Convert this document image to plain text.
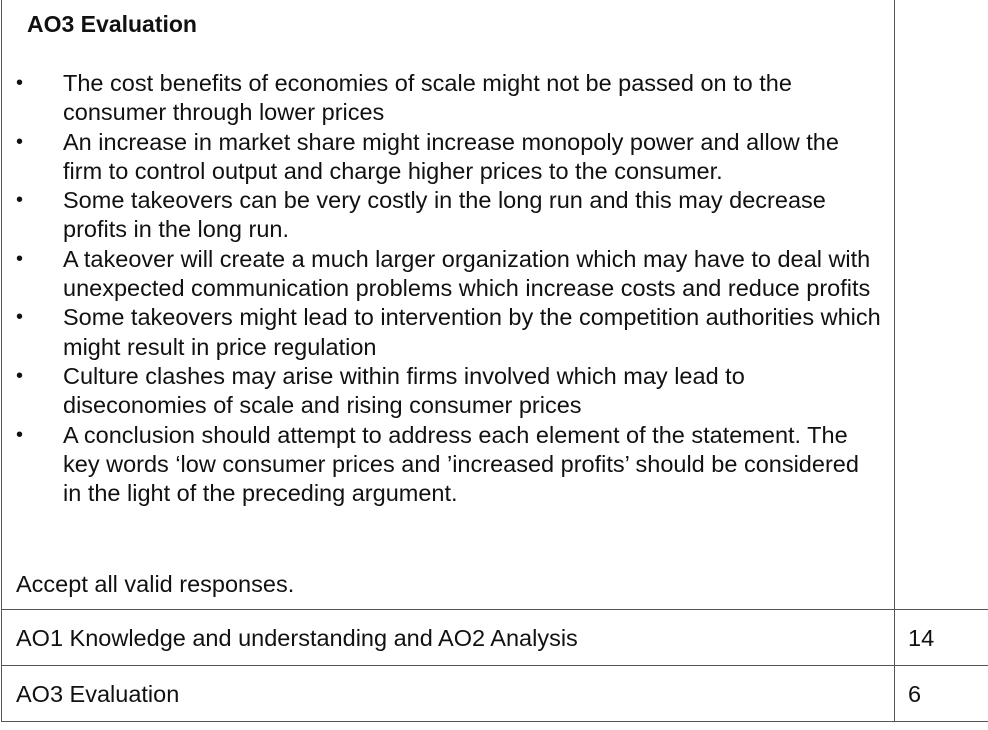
AO3 Evaluation
• The cost benefits of economies of scale might not be passed on to the consumer through lower prices
• An increase in market share might increase monopoly power and allow the firm to control output and charge higher prices to the consumer.
• Some takeovers can be very costly in the long run and this may decrease profits in the long run.
• A takeover will create a much larger organization which may have to deal with unexpected communication problems which increase costs and reduce profits
• Some takeovers might lead to intervention by the competition authorities which might result in price regulation
• Culture clashes may arise within firms involved which may lead to diseconomies of scale and rising consumer prices
• A conclusion should attempt to address each element of the statement. The key words ‘low consumer prices and ’increased profits’ should be considered in the light of the preceding argument.

Accept all valid responses.

AO1 Knowledge and understanding and AO2 Analysis	14
AO3 Evaluation	6
